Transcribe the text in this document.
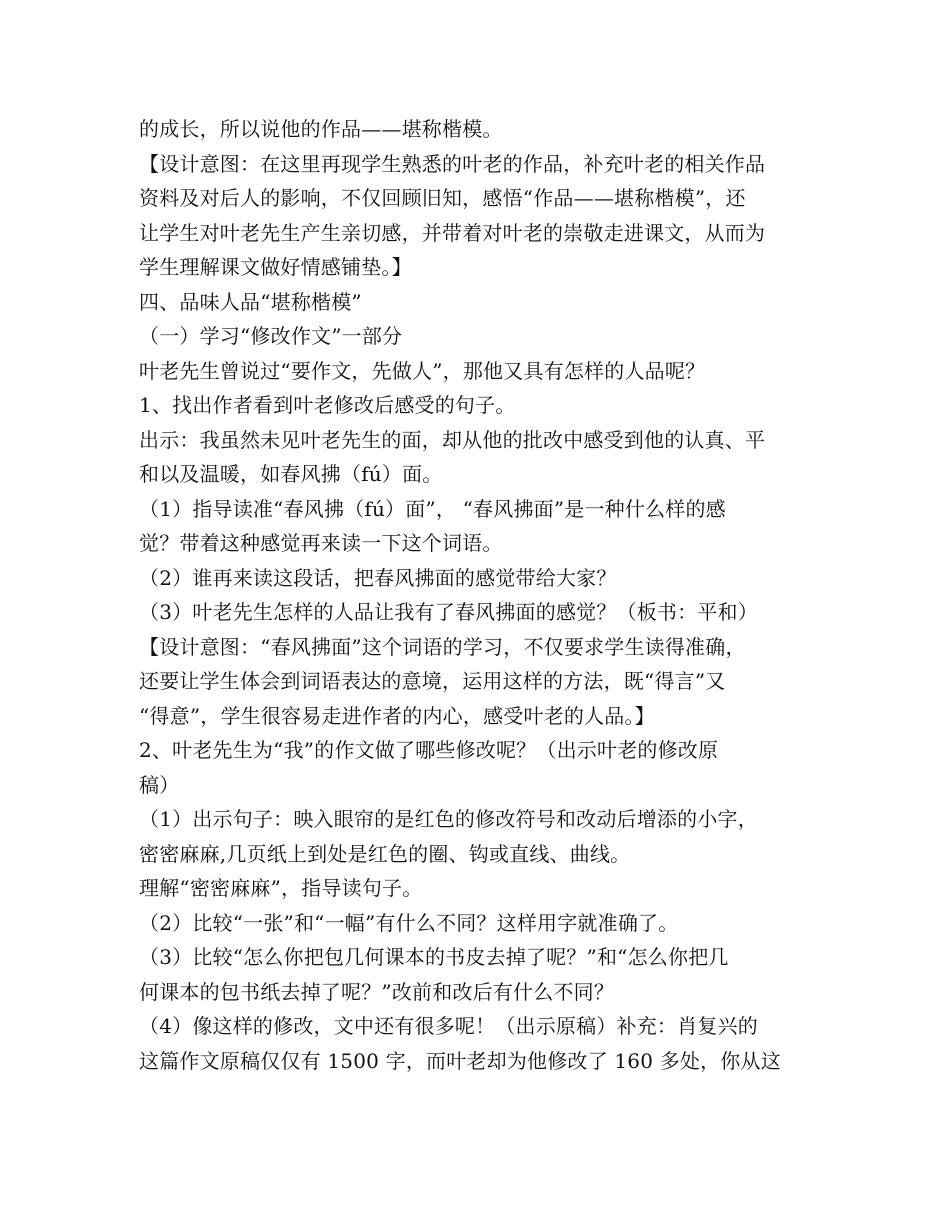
的成长，所以说他的作品——堪称楷模。
【设计意图：在这里再现学生熟悉的叶老的作品，补充叶老的相关作品
资料及对后人的影响，不仅回顾旧知，感悟“作品——堪称楷模”，还
让学生对叶老先生产生亲切感，并带着对叶老的崇敬走进课文，从而为
学生理解课文做好情感铺垫。】
四、品味人品“堪称楷模”
（一）学习“修改作文”一部分
叶老先生曾说过“要作文，先做人”，那他又具有怎样的人品呢？
1、找出作者看到叶老修改后感受的句子。
出示：我虽然未见叶老先生的面，却从他的批改中感受到他的认真、平
和以及温暖，如春风拂（fú）面。
（1）指导读准“春风拂（fú）面”， “春风拂面”是一种什么样的感
觉？带着这种感觉再来读一下这个词语。
（2）谁再来读这段话，把春风拂面的感觉带给大家？
（3）叶老先生怎样的人品让我有了春风拂面的感觉？（板书：平和）
【设计意图：“春风拂面”这个词语的学习，不仅要求学生读得准确，
还要让学生体会到词语表达的意境，运用这样的方法，既“得言”又
“得意”，学生很容易走进作者的内心，感受叶老的人品。】
2、叶老先生为“我”的作文做了哪些修改呢？（出示叶老的修改原
稿）
（1）出示句子：映入眼帘的是红色的修改符号和改动后增添的小字，
密密麻麻,几页纸上到处是红色的圈、钩或直线、曲线。
理解“密密麻麻”，指导读句子。
（2）比较“一张”和“一幅”有什么不同？这样用字就准确了。
（3）比较“怎么你把包几何课本的书皮去掉了呢？”和“怎么你把几
何课本的包书纸去掉了呢？”改前和改后有什么不同？
（4）像这样的修改，文中还有很多呢！（出示原稿）补充：肖复兴的
这篇作文原稿仅仅有 1500 字，而叶老却为他修改了 160 多处，你从这
